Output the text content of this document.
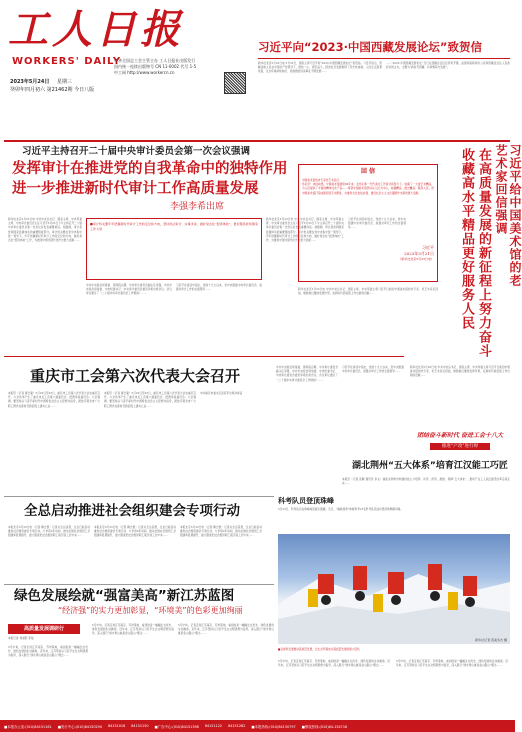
工人日报
WORKERS' DAILY
中华全国总工会主管主办 工人日报社出版发行
国内统一连续出版物号 CN 11-0002 代号 1-5
中工网 http://www.workercn.cn
2023年5月24日 星期三
癸卯年四月初六 第21462期 今日八版
习近平向“2023·中国西藏发展论坛”致贺信
新华社北京5月23日电 5月23日，国家主席习近平向“2023·中国西藏发展论坛”致贺信。习近平指出，西藏各族人民在中国共产党领导下，团结一心、艰苦奋斗，经济社会发展取得了历史性成就，人民生活显著改善，生态环境持续向好，民族团结进步事业不断发展……
……“2023·中国西藏发展论坛”当日在西藏自治区拉萨市开幕，由国务院新闻办公室和西藏自治区人民政府共同主办，主题为“新时代西藏：共享繁荣与发展”。
习近平主持召开二十届中央审计委员会第一次会议强调
发挥审计在推进党的自我革命中的独特作用
进一步推进新时代审计工作高质量发展
李强李希出席
新华社北京5月23日电 中共中央总书记、国家主席、中央军委主席、中央审计委员会主任习近平5月23日下午主持召开二十届中央审计委员会第一次会议并发表重要讲话。他强调，审计是党和国家监督体系的重要组成部分。审计机关要在党中央集中统一领导下，牢牢把握新时代审计工作的定位和方向，做好常态化“经济体检”工作，为推进中国式现代化作出更大贡献……
■审计机关要牢牢把握新时代审计工作的定位和方向，坚持依法审计、实事求是，做好常态化“经济体检”，更好服务党和国家工作大局
中共中央政治局常委、国务院总理、中央审计委员会副主任李强，中共中央政治局常委、中央纪委书记、中央审计委员会委员李希出席会议。会议审议通过了《二十届中央审计委员会工作规则》……
习近平在讲话中指出，党的十九大以来，党中央组建中央审计委员会，加强对审计工作的全面领导……
新华社北京5月23日电 中共中央总书记、国家主席、中央军委主席、中央审计委员会主任习近平5月23日下午主持召开二十届中央审计委员会第一次会议并发表重要讲话。他强调，审计是党和国家监督体系的重要组成部分。审计机关要在党中央集中统一领导下，牢牢把握新时代审计工作的定位和方向，做好常态化“经济体检”工作，为推进中国式现代化作出更大贡献……
习近平在讲话中指出，党的十九大以来，党中央组建中央审计委员会，加强对审计工作的全面领导……	习近平给中国美术馆的老艺术家回信强调
在高质量发展的新征程上努力奋斗 收藏高水平精品更好服务人民
回 信
中国美术馆的老专家老艺术家们：
你们好！来信收悉。中国美术馆建馆60年来，在你们和一代代美术工作者共同努力下，收藏了一大批艺术精品，为人民提供了丰富的精神文化产品……希望中国美术馆坚持以人民为中心，收藏精品、推出精品、服务人民，把中国美术馆打造成国家级艺术殿堂，为推进文化自信自强、建设社会主义文化强国作出新的更大贡献。
习近平
2023年5月21日
（新华社北京5月23日电）
新华社北京5月23日电 中共中央总书记、国家主席、中央军委主席习近平日前给中国美术馆的老专家、老艺术家们回信，勉励他们继续发挥作用，在新时代新征程上作出新的贡献……
新华社北京5月23日电 中共中央总书记、国家主席、中央军委主席习近平日前给中国美术馆的老专家、老艺术家们回信，勉励他们继续发挥作用，在新时代新征程上作出新的贡献……
重庆市工会第六次代表大会召开
本报讯（记者 黄仕强）5月22日至23日，重庆市工会第六次代表大会在重庆召开。大会选举产生了重庆市总工会第六届委员会、经费审查委员会。大会强调，要坚持以习近平新时代中国特色社会主义思想为指导，团结引领全市广大职工群众在新时代新征程上建功立业……
本报讯（记者 黄仕强）5月22日至23日，重庆市工会第六次代表大会在重庆召开。大会选举产生了重庆市总工会第六届委员会、经费审查委员会。大会强调，要坚持以习近平新时代中国特色社会主义思想为指导，团结引领全市广大职工群众在新时代新征程上建功立业……
中共重庆市委书记袁家军出席并讲话
中共中央政治局常委、国务院总理、中央审计委员会副主任李强，中共中央政治局常委、中央纪委书记、中央审计委员会委员李希出席会议。会议审议通过了《二十届中央审计委员会工作规则》……
习近平在讲话中指出，党的十九大以来，党中央组建中央审计委员会，加强对审计工作的全面领导……
团结奋斗新时代 奋进工会十八大
推进“产改”进行时
湖北荆州“五大体系”培育江汉能工巧匠
本报讯（记者 张翀 通讯员 李文）湖北省荆州市构建技能人才培养、评价、使用、激励、保障“五大体系”，推动产业工人队伍建设改革走深走实……
全总启动推进社会组织建会专项行动
本报北京5月23日电（记者 赖志凯）记者从全总获悉，全总日前启动推进社会组织建会专项行动，力争用2年时间，推动全国社会组织工会组建率显著提升，最大限度把社会组织职工吸引到工会中来……
本报北京5月23日电（记者 赖志凯）记者从全总获悉，全总日前启动推进社会组织建会专项行动，力争用2年时间，推动全国社会组织工会组建率显著提升，最大限度把社会组织职工吸引到工会中来……
本报北京5月23日电（记者 赖志凯）记者从全总获悉，全总日前启动推进社会组织建会专项行动，力争用2年时间，推动全国社会组织工会组建率显著提升，最大限度把社会组织职工吸引到工会中来……
科考队员登顶珠峰
5月23日，科考队员在珠峰峰顶展示国旗。当日，“巅峰使命”珠峰科考13名科考队员成功登顶珠穆朗玛峰。
新华社记者 晋美多吉 摄
绿色发展绘就“强富美高”新江苏蓝图
“经济强”的实力更加彰显，“环境美”的色彩更加绚丽
高质量发展调研行
本报记者 刘旭阳 李灿
5月中旬，记者走进江苏南京、苏州等地，看到的是一幅幅生态优先、绿色发展的生动画卷。近年来，江苏坚持以习近平生态文明思想为指导，深入践行“绿水青山就是金山银山”理念……
5月中旬，记者走进江苏南京、苏州等地，看到的是一幅幅生态优先、绿色发展的生动画卷。近年来，江苏坚持以习近平生态文明思想为指导，深入践行“绿水青山就是金山银山”理念……
5月中旬，记者走进江苏南京、苏州等地，看到的是一幅幅生态优先、绿色发展的生动画卷。近年来，江苏坚持以习近平生态文明思想为指导，深入践行“绿水青山就是金山银山”理念……
■以绿色发展推动高质量发展，让生态环境成为高质量发展的最大底色
5月中旬，记者走进江苏南京、苏州等地，看到的是一幅幅生态优先、绿色发展的生动画卷。近年来，江苏坚持以习近平生态文明思想为指导，深入践行“绿水青山就是金山银山”理念……
5月中旬，记者走进江苏南京、苏州等地，看到的是一幅幅生态优先、绿色发展的生动画卷。近年来，江苏坚持以习近平生态文明思想为指导，深入践行“绿水青山就是金山银山”理念……
■本报办公室:(010)84151161 ■发行中心:(010)84150290 84151018 84151150 ■广告中心:(010)84151398 84151122 84151282 ■本报热线:(010)84150797 ■维权热线:(010)84-154716
